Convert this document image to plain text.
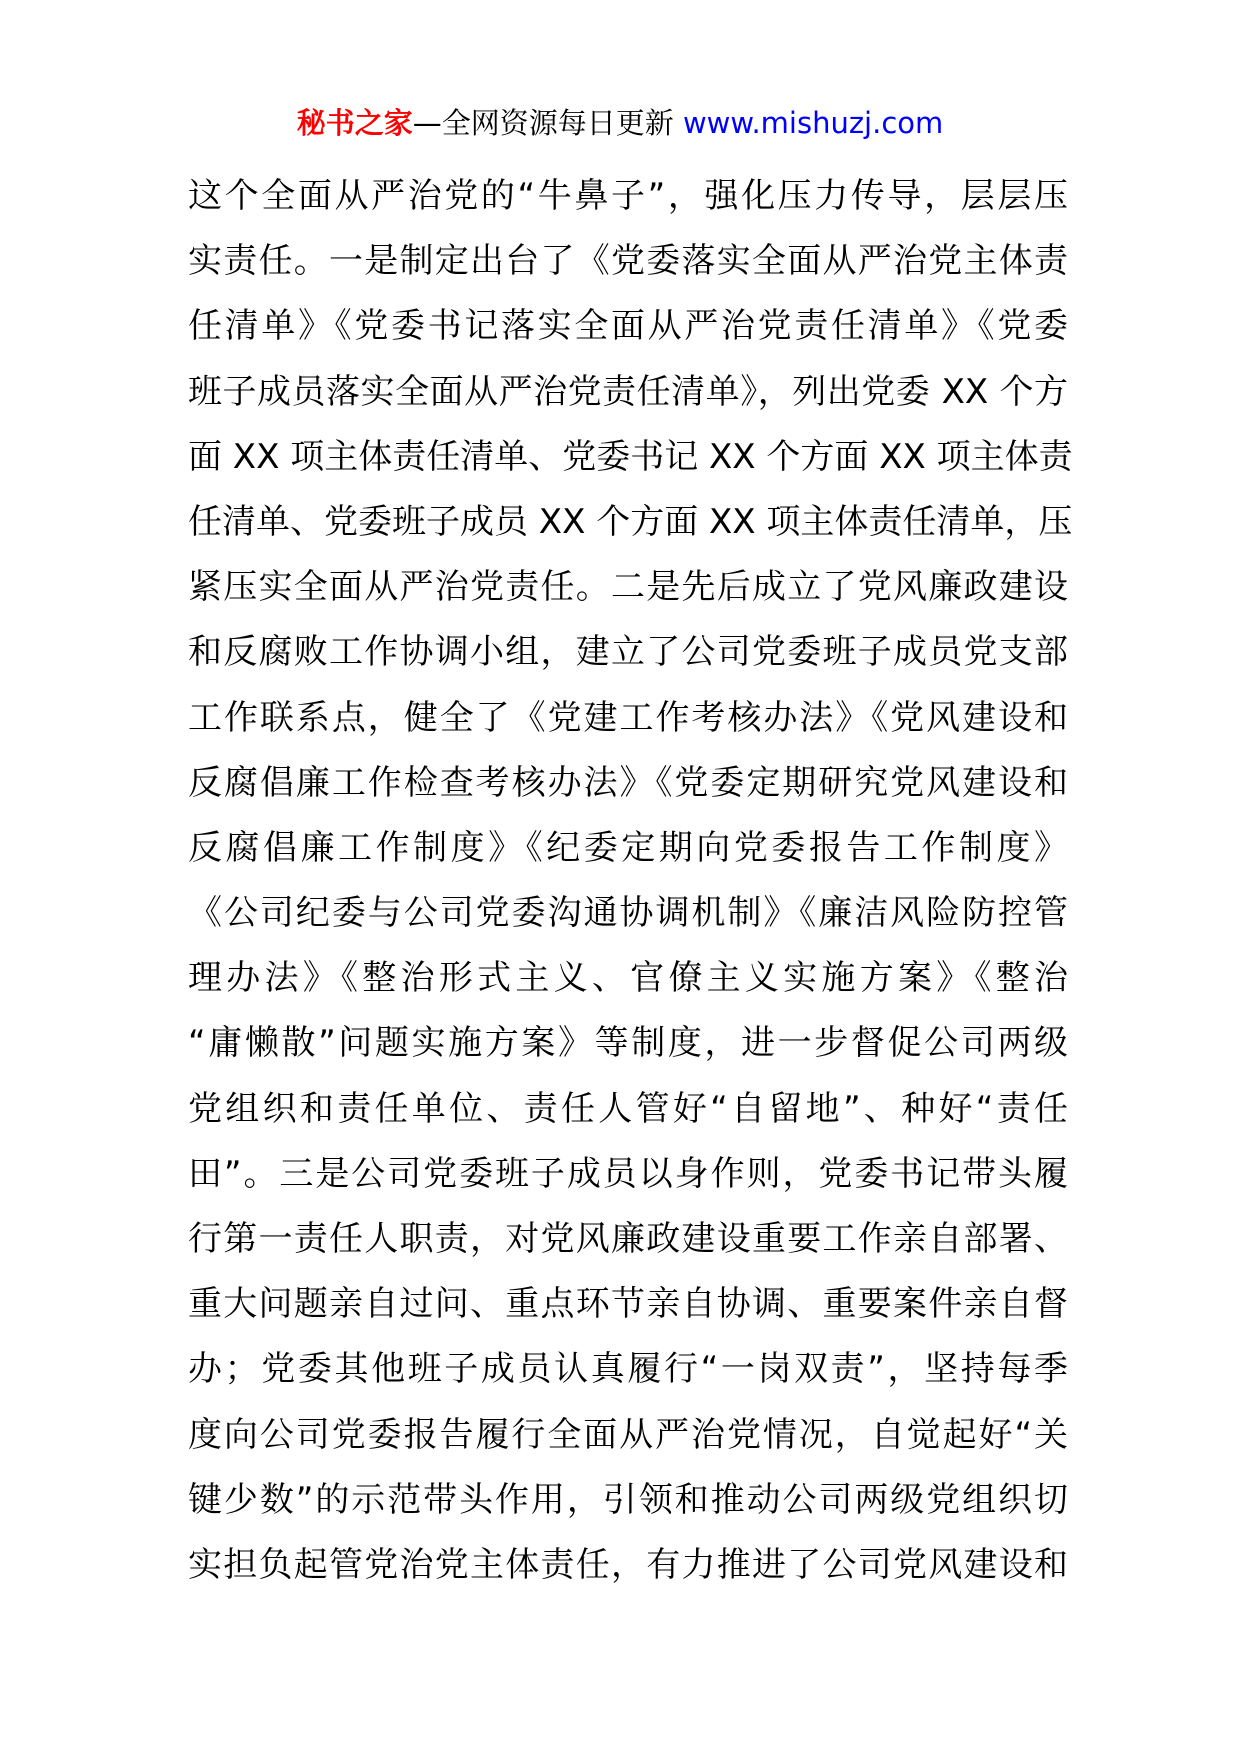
秘书之家—全网资源每日更新 www.mishuzj.com
这个全面从严治党的“牛鼻子”，强化压力传导，层层压
实责任。一是制定出台了《党委落实全面从严治党主体责
任清单》《党委书记落实全面从严治党责任清单》《党委
班子成员落实全面从严治党责任清单》，列出党委 XX 个方
面 XX 项主体责任清单、党委书记 XX 个方面 XX 项主体责
任清单、党委班子成员 XX 个方面 XX 项主体责任清单，压
紧压实全面从严治党责任。二是先后成立了党风廉政建设
和反腐败工作协调小组，建立了公司党委班子成员党支部
工作联系点，健全了《党建工作考核办法》《党风建设和
反腐倡廉工作检查考核办法》《党委定期研究党风建设和
反腐倡廉工作制度》《纪委定期向党委报告工作制度》
《公司纪委与公司党委沟通协调机制》《廉洁风险防控管
理办法》《整治形式主义、官僚主义实施方案》《整治
“庸懒散”问题实施方案》等制度，进一步督促公司两级
党组织和责任单位、责任人管好“自留地”、种好“责任
田”。三是公司党委班子成员以身作则，党委书记带头履
行第一责任人职责，对党风廉政建设重要工作亲自部署、
重大问题亲自过问、重点环节亲自协调、重要案件亲自督
办；党委其他班子成员认真履行“一岗双责”，坚持每季
度向公司党委报告履行全面从严治党情况，自觉起好“关
键少数”的示范带头作用，引领和推动公司两级党组织切
实担负起管党治党主体责任，有力推进了公司党风建设和
